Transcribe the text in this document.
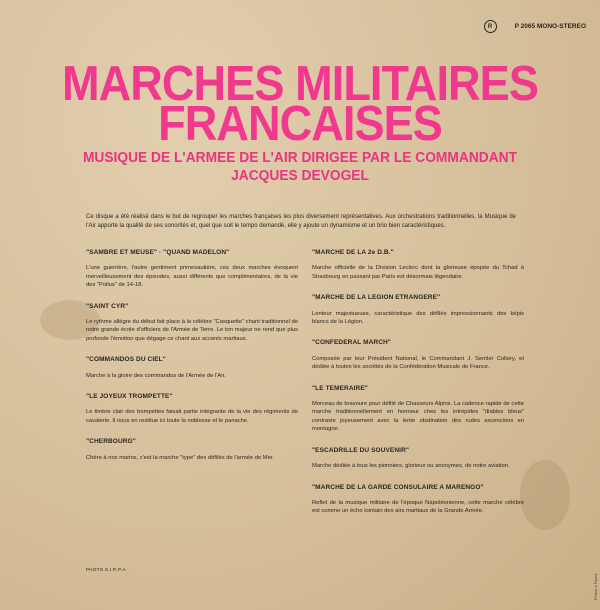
R	P 2065 MONO-STEREO
MARCHES MILITAIRES
FRANCAISES
MUSIQUE DE L'ARMEE DE L'AIR DIRIGEE PAR LE COMMANDANT
JACQUES DEVOGEL
Ce disque a été réalisé dans le but de regrouper les marches françaises les plus diversement représentatives. Aux orchestrations traditionnelles, la Musique de l'Air apporte la qualité de ses sonorités et, quel que soit le tempo demandé, elle y ajoute un dynamisme et un brio bien caractéristiques.
"SAMBRE ET MEUSE" · "QUAND MADELON"

L'une guerrière, l'autre gentiment primesautière, ces deux marches évoquent merveilleusement des épisodes, aussi différents que complimentaires, de la vie des "Poilus" de 14-18.

"SAINT CYR"

Le rythme allègre du début fait place à la célèbre "Casquette" chant traditionnel de notre grande école d'officiers de l'Armée de Terre. Le ton majeur ne rend que plus profonde l'émotion que dégage ce chant aux accents martiaux.

"COMMANDOS DU CIEL"

Marche à la gloire des commandos de l'Armée de l'Air.

"LE JOYEUX TROMPETTE"

Le timbre clair des trompettes faisait partie intégrante de la vie des régiments de cavalerie. Il nous en restitue ici toute la noblesse et le panache.

"CHERBOURG"

Chère à nos marins, c'est la marche "type" des défilés de l'armée de Mer.

"MARCHE DE LA 2e D.B."

Marche officielle de la Division Leclerc dont la glorieuse épopée du Tchad à Strasbourg en passant par Paris est désormais légendaire.

"MARCHE DE LA LEGION ETRANGERE"

Lenteur majestueuse, caractéristique des défilés impressionnants des képis blancs de la Légion.

"CONFEDERAL MARCH"

Composée par leur Président National, le Commandant J. Semler Collery, et dédiée à toutes les sociétés de la Confédération Musicale de France.

"LE TEMERAIRE"

Morceau de bravoure pour défilé de Chasseurs Alpins. La cadence rapide de cette marche traditionnellement en honneur chez les intrépides "diables bleus" contraste joyeusement avec la lente obstination des rudes ascencions en montagne.

"ESCADRILLE DU SOUVENIR"

Marche dédiée à tous les pionniers, glorieux ou anonymes, de notre aviation.

"MARCHE DE LA GARDE CONSULAIRE A MARENGO"

Reflet de la musique militaire de l'époque Napoléonienne, cette marche célèbre est comme un écho lointain des airs martiaux de la Grande Armée.

PHOTO S.I.R.P.A.
Printed in France
